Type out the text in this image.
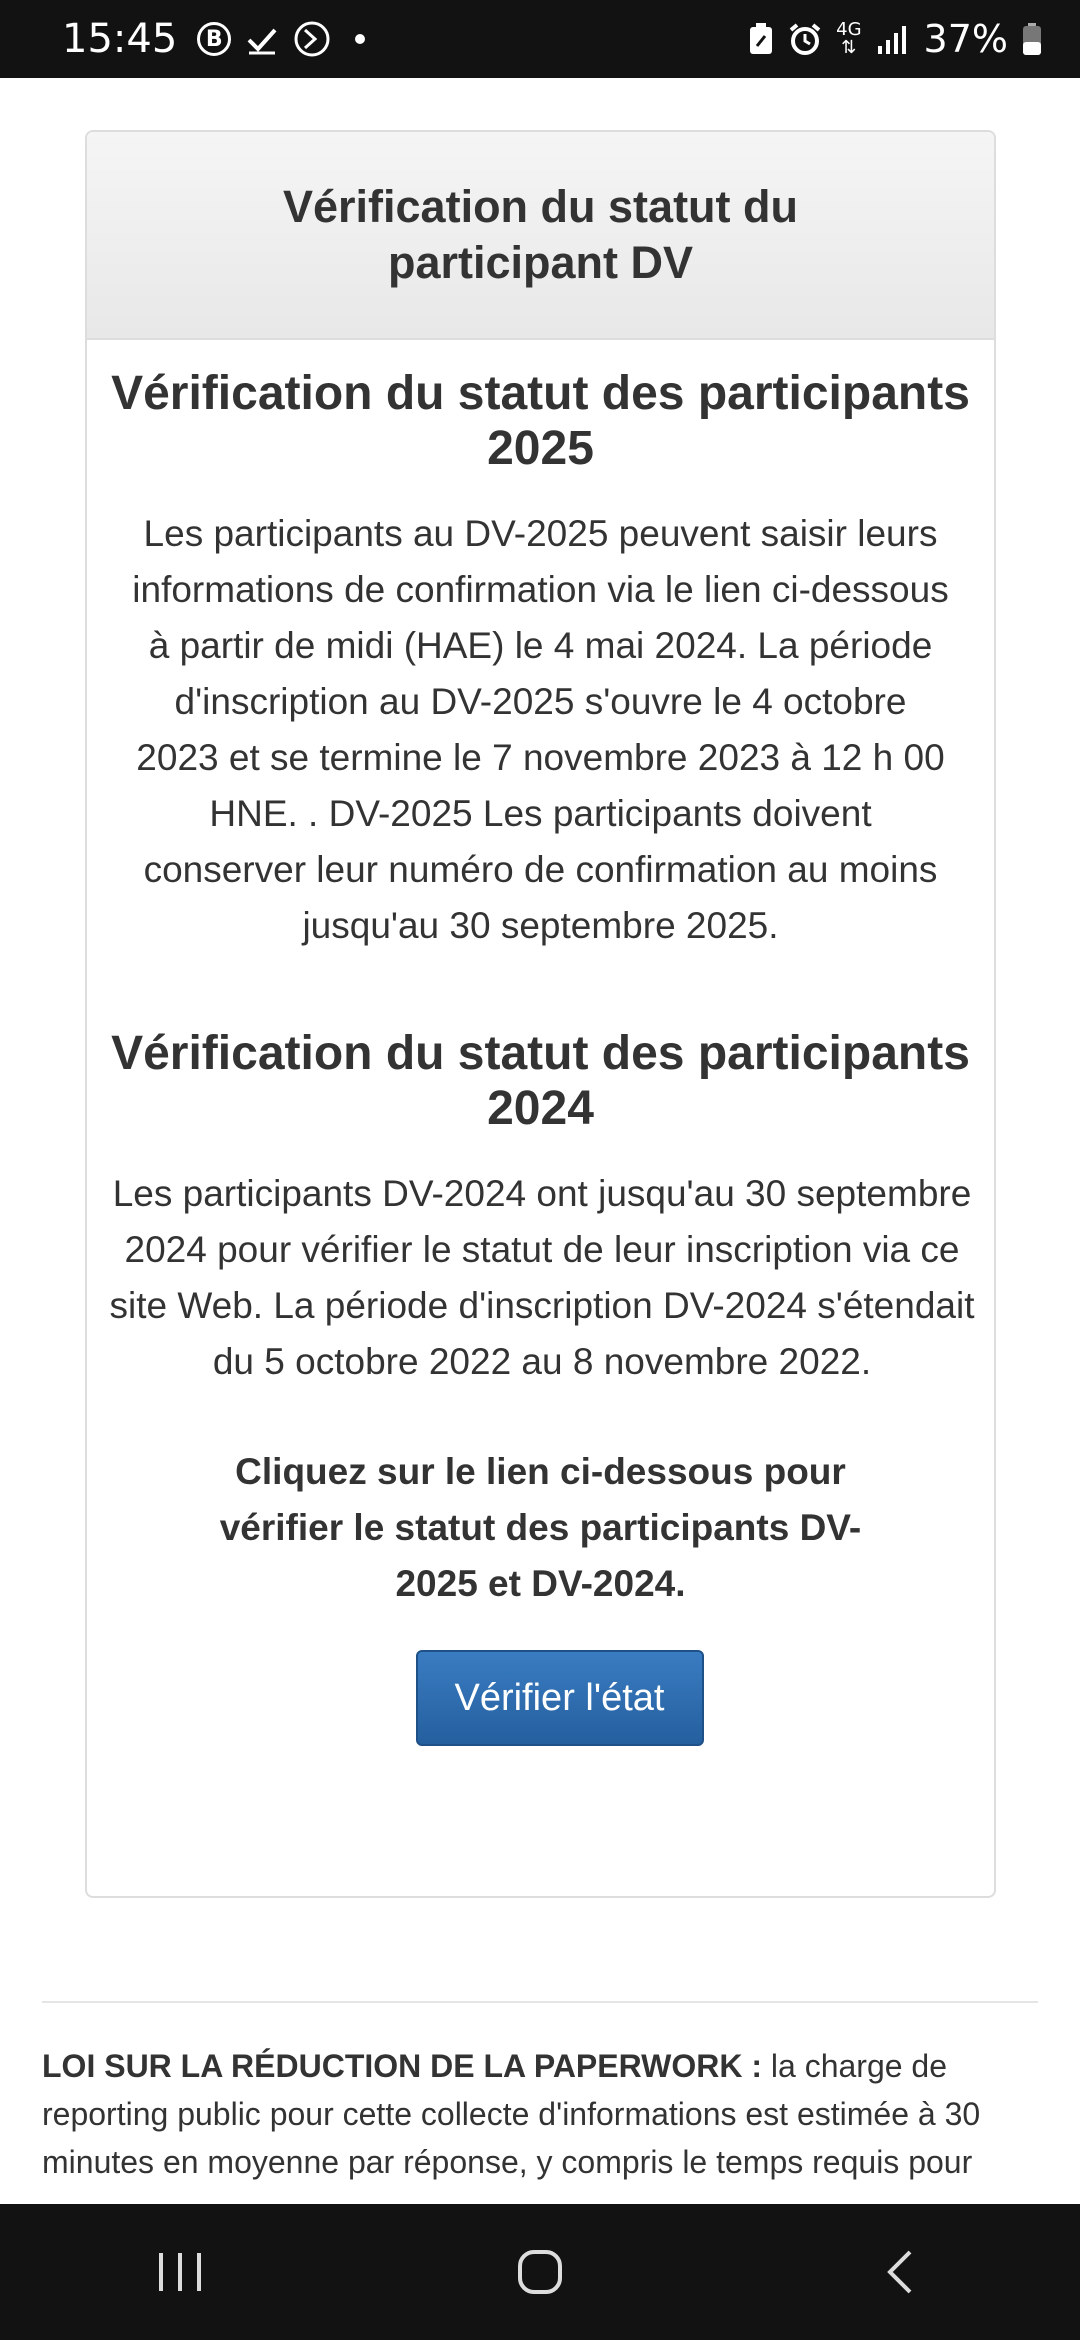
15:45	B	4G
⇅ 37%
Vérification du statut du participant DV
Vérification du statut des participants 2025

Les participants au DV-2025 peuvent saisir leurs informations de confirmation via le lien ci-dessous à partir de midi (HAE) le 4 mai 2024. La période d'inscription au DV-2025 s'ouvre le 4 octobre 2023 et se termine le 7 novembre 2023 à 12 h 00 HNE. . DV-2025 Les participants doivent conserver leur numéro de confirmation au moins jusqu'au 30 septembre 2025.

Vérification du statut des participants 2024

Les participants DV-2024 ont jusqu'au 30 septembre 2024 pour vérifier le statut de leur inscription via ce site Web. La période d'inscription DV-2024 s'étendait du 5 octobre 2022 au 8 novembre 2022.

Cliquez sur le lien ci-dessous pour vérifier le statut des participants DV-2025 et DV-2024.

Vérifier l'état

LOI SUR LA RÉDUCTION DE LA PAPERWORK : la charge de reporting public pour cette collecte d'informations est estimée à 30 minutes en moyenne par réponse, y compris le temps requis pour
